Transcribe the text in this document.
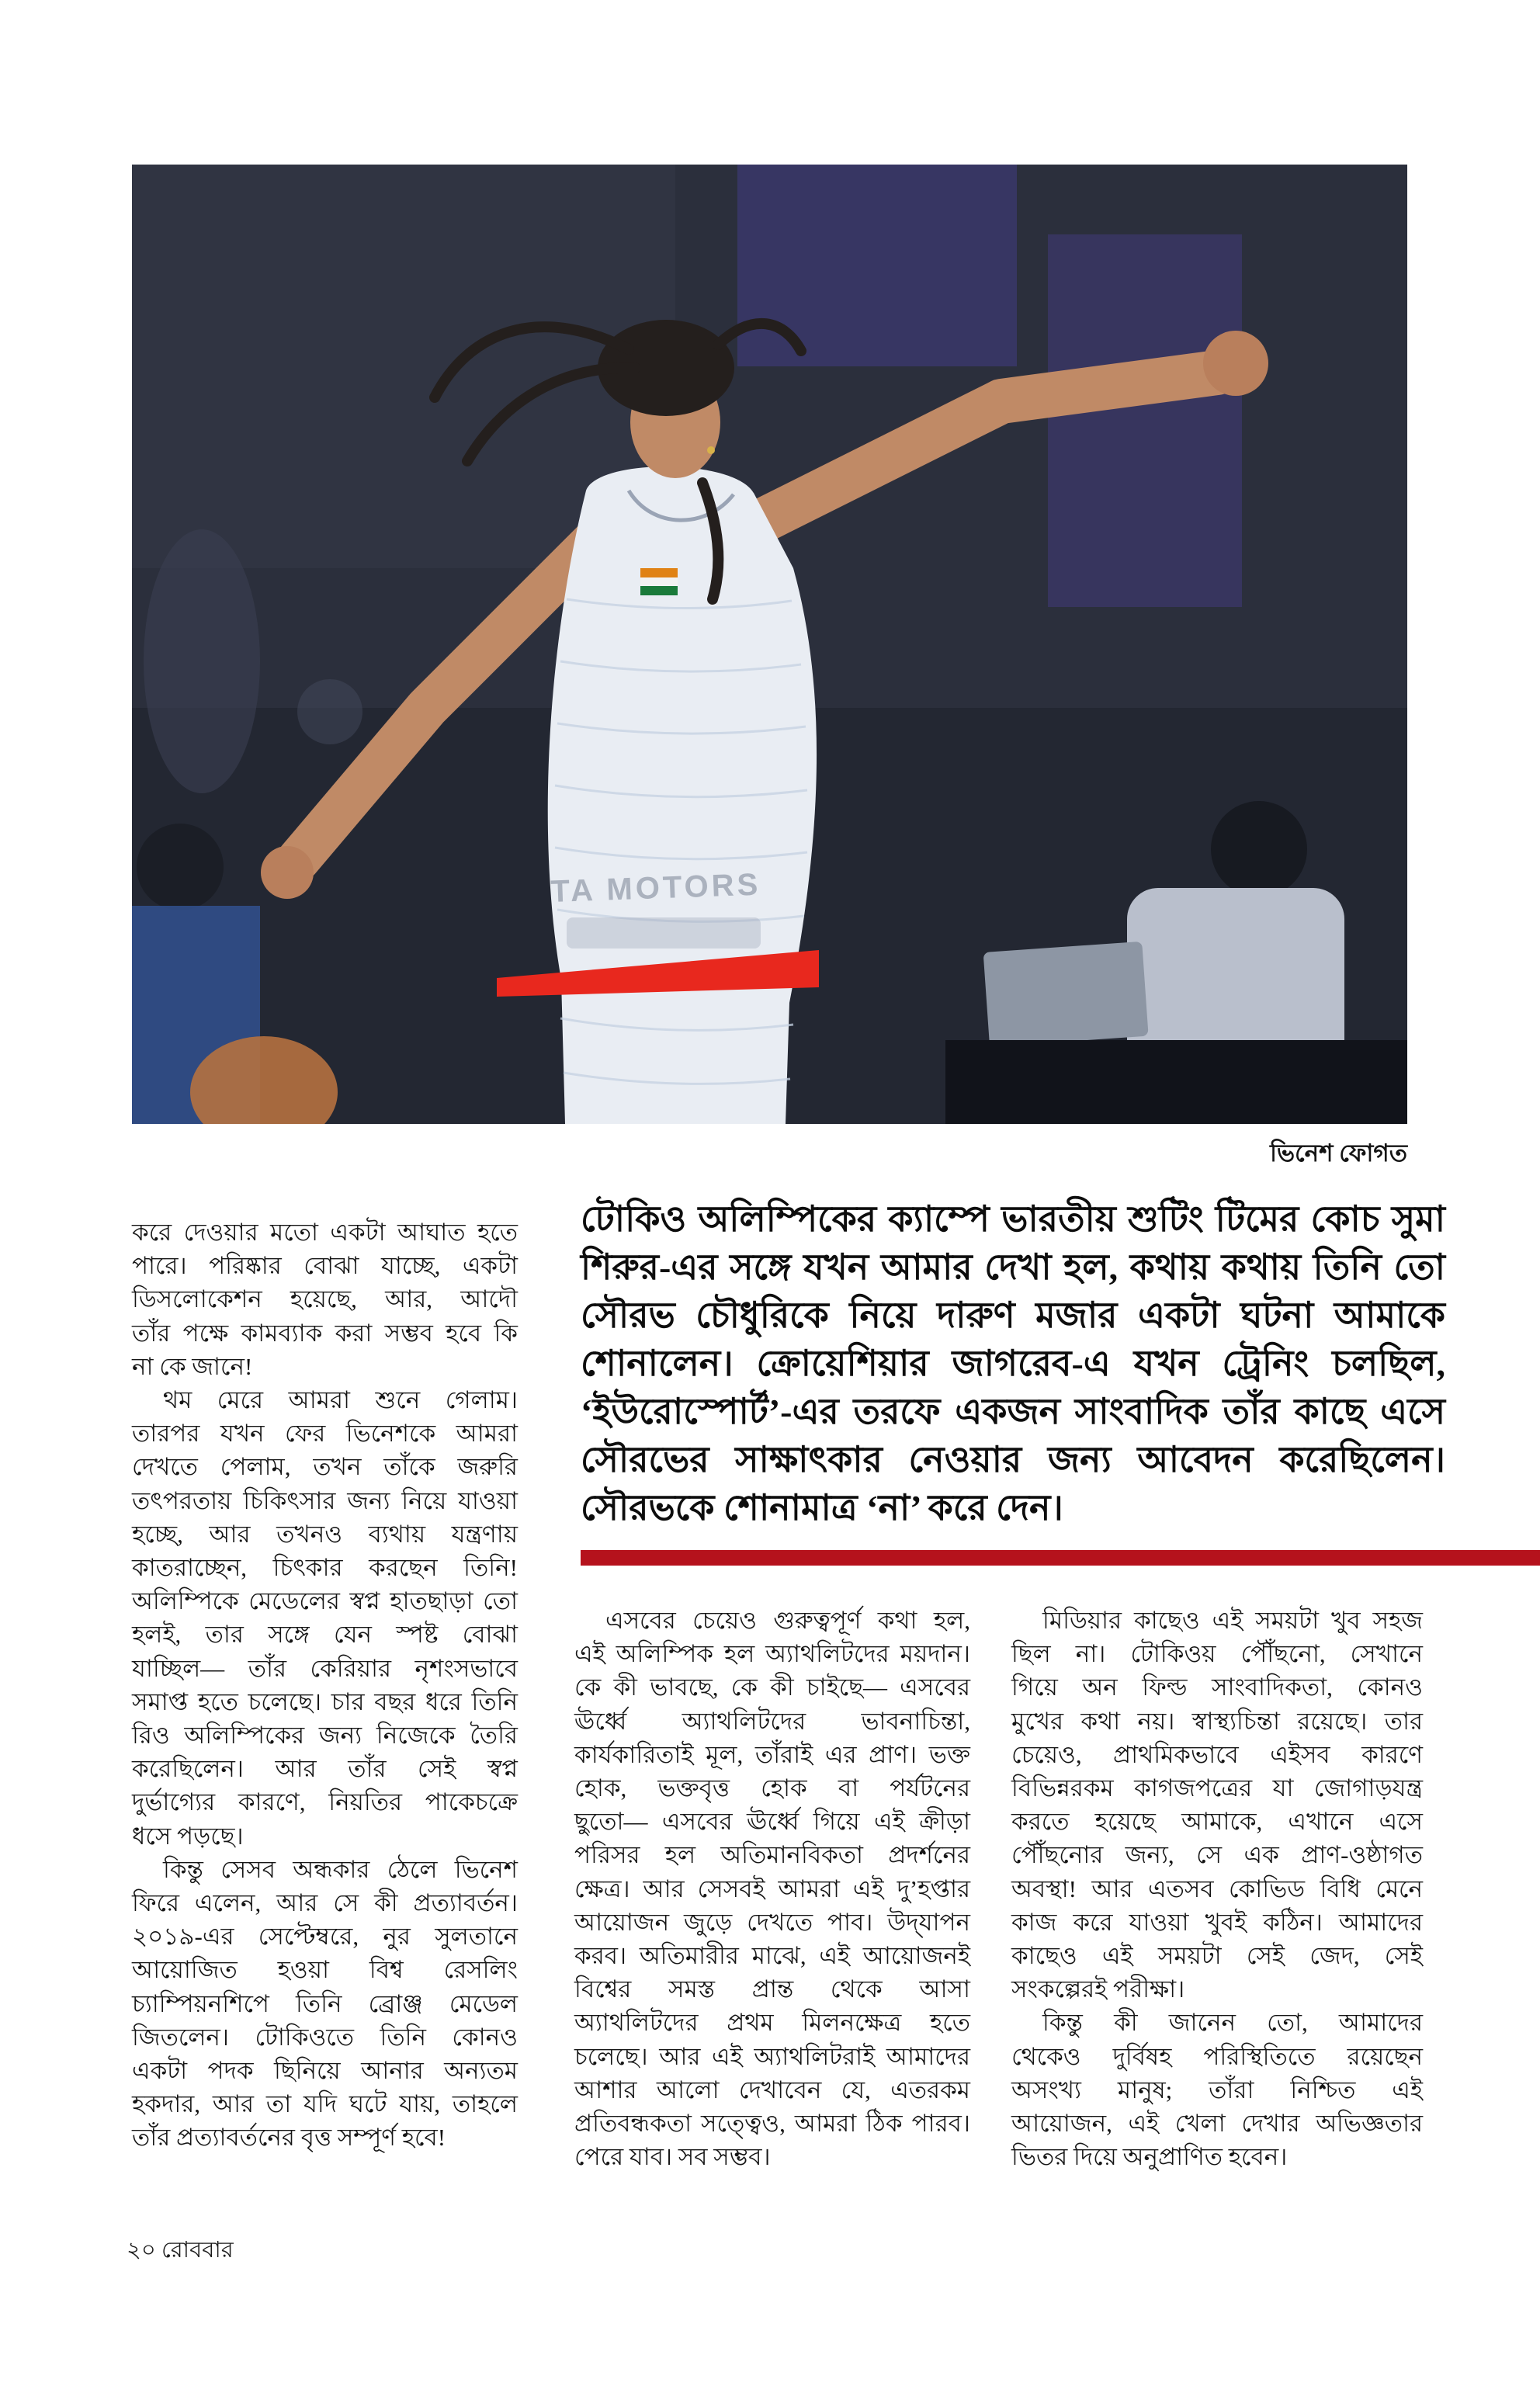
TA MOTORS
ভিনেশ ফোগত
টোকিও অলিম্পিকের ক্যাম্পে ভারতীয় শুটিং টিমের কোচ সুমা
শিরুর-এর সঙ্গে যখন আমার দেখা হল, কথায় কথায় তিনি তো
সৌরভ চৌধুরিকে নিয়ে দারুণ মজার একটা ঘটনা আমাকে
শোনালেন। ক্রোয়েশিয়ার জাগরেব-এ যখন ট্রেনিং চলছিল,
‘ইউরোস্পোর্ট’-এর তরফে একজন সাংবাদিক তাঁর কাছে এসে
সৌরভের সাক্ষাৎকার নেওয়ার জন্য আবেদন করেছিলেন।
সৌরভকে শোনামাত্র ‘না’ করে দেন।
করে দেওয়ার মতো একটা আঘাত হতে
পারে। পরিষ্কার বোঝা যাচ্ছে, একটা
ডিসলোকেশন হয়েছে, আর, আদৌ
তাঁর পক্ষে কামব্যাক করা সম্ভব হবে কি
না কে জানে!
থম মেরে আমরা শুনে গেলাম।
তারপর যখন ফের ভিনেশকে আমরা
দেখতে পেলাম, তখন তাঁকে জরুরি
তৎপরতায় চিকিৎসার জন্য নিয়ে যাওয়া
হচ্ছে, আর তখনও ব্যথায় যন্ত্রণায়
কাতরাচ্ছেন, চিৎকার করছেন তিনি!
অলিম্পিকে মেডেলের স্বপ্ন হাতছাড়া তো
হলই, তার সঙ্গে যেন স্পষ্ট বোঝা
যাচ্ছিল— তাঁর কেরিয়ার নৃশংসভাবে
সমাপ্ত হতে চলেছে। চার বছর ধরে তিনি
রিও অলিম্পিকের জন্য নিজেকে তৈরি
করেছিলেন। আর তাঁর সেই স্বপ্ন
দুর্ভাগ্যের কারণে, নিয়তির পাকেচক্রে
ধসে পড়ছে।
কিন্তু সেসব অন্ধকার ঠেলে ভিনেশ
ফিরে এলেন, আর সে কী প্রত্যাবর্তন।
২০১৯-এর সেপ্টেম্বরে, নুর সুলতানে
আয়োজিত হওয়া বিশ্ব রেসলিং
চ্যাম্পিয়নশিপে তিনি ব্রোঞ্জ মেডেল
জিতলেন। টোকিওতে তিনি কোনও
একটা পদক ছিনিয়ে আনার অন্যতম
হকদার, আর তা যদি ঘটে যায়, তাহলে
তাঁর প্রত্যাবর্তনের বৃত্ত সম্পূর্ণ হবে!
এসবের চেয়েও গুরুত্বপূর্ণ কথা হল,
এই অলিম্পিক হল অ্যাথলিটদের ময়দান।
কে কী ভাবছে, কে কী চাইছে— এসবের
ঊর্ধ্বে অ্যাথলিটদের ভাবনাচিন্তা,
কার্যকারিতাই মূল, তাঁরাই এর প্রাণ। ভক্ত
হোক, ভক্তবৃত্ত হোক বা পর্যটনের
ছুতো— এসবের ঊর্ধ্বে গিয়ে এই ক্রীড়া
পরিসর হল অতিমানবিকতা প্রদর্শনের
ক্ষেত্র। আর সেসবই আমরা এই দু’হপ্তার
আয়োজন জুড়ে দেখতে পাব। উদ্‌যাপন
করব। অতিমারীর মাঝে, এই আয়োজনই
বিশ্বের সমস্ত প্রান্ত থেকে আসা
অ্যাথলিটদের প্রথম মিলনক্ষেত্র হতে
চলেছে। আর এই অ্যাথলিটরাই আমাদের
আশার আলো দেখাবেন যে, এতরকম
প্রতিবন্ধকতা সত্ত্বেও, আমরা ঠিক পারব।
পেরে যাব। সব সম্ভব।
মিডিয়ার কাছেও এই সময়টা খুব সহজ
ছিল না। টোকিওয় পৌঁছনো, সেখানে
গিয়ে অন ফিল্ড সাংবাদিকতা, কোনও
মুখের কথা নয়। স্বাস্থ্যচিন্তা রয়েছে। তার
চেয়েও, প্রাথমিকভাবে এইসব কারণে
বিভিন্নরকম কাগজপত্রের যা জোগাড়যন্ত্র
করতে হয়েছে আমাকে, এখানে এসে
পৌঁছনোর জন্য, সে এক প্রাণ-ওষ্ঠাগত
অবস্থা! আর এতসব কোভিড বিধি মেনে
কাজ করে যাওয়া খুবই কঠিন। আমাদের
কাছেও এই সময়টা সেই জেদ, সেই
সংকল্পেরই পরীক্ষা।
কিন্তু কী জানেন তো, আমাদের
থেকেও দুর্বিষহ পরিস্থিতিতে রয়েছেন
অসংখ্য মানুষ; তাঁরা নিশ্চিত এই
আয়োজন, এই খেলা দেখার অভিজ্ঞতার
ভিতর দিয়ে অনুপ্রাণিত হবেন।
২০ রোববার
